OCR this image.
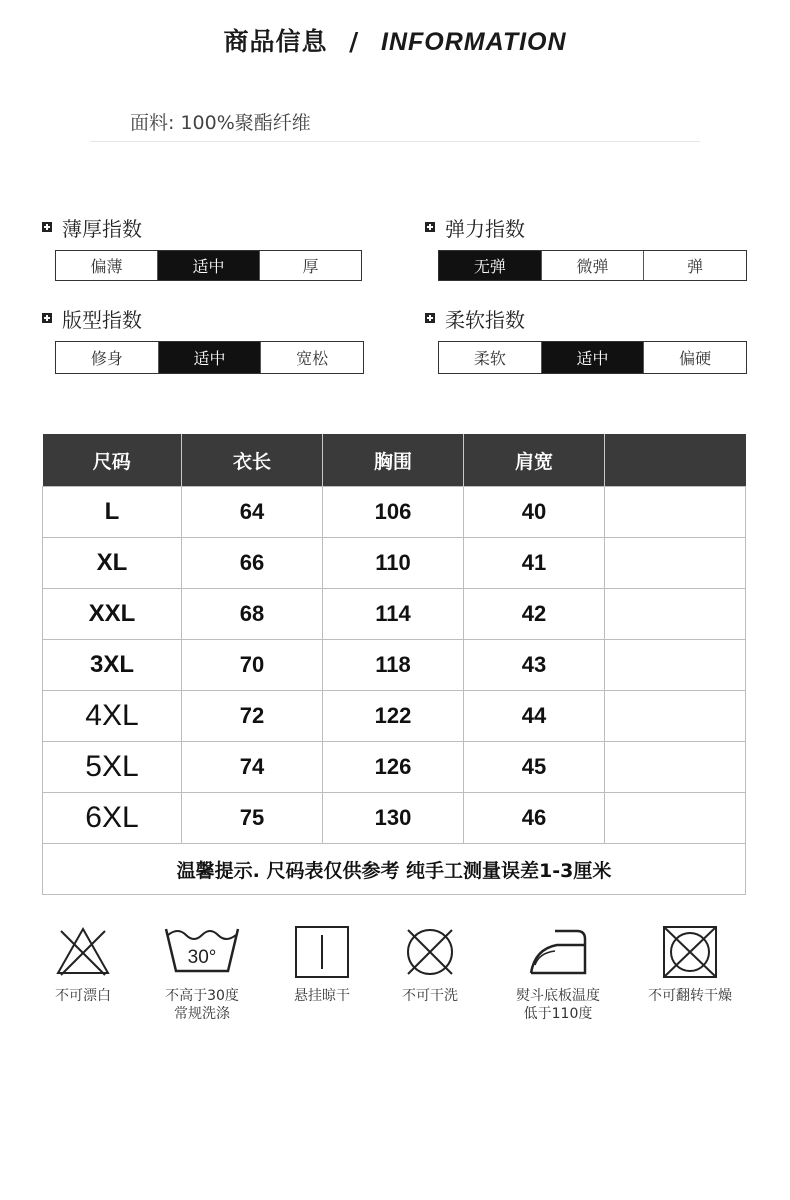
商品信息 / INFORMATION
面料: 100%聚酯纤维
薄厚指数
偏薄	适中	厚
弹力指数
无弹	微弹	弹
版型指数
修身	适中	宽松
柔软指数
柔软	适中	偏硬
尺码	衣长	胸围	肩宽	
L	64	106	40	
XL	66	110	41	
XXL	68	114	42	
3XL	70	118	43	
4XL	72	122	44	
5XL	74	126	45	
6XL	75	130	46	
温馨提示. 尺码表仅供参考 纯手工测量误差1-3厘米				
不可漂白
30°
不高于30度
常规洗涤
悬挂晾干	不可干洗	熨斗底板温度
低于110度
不可翻转干燥
